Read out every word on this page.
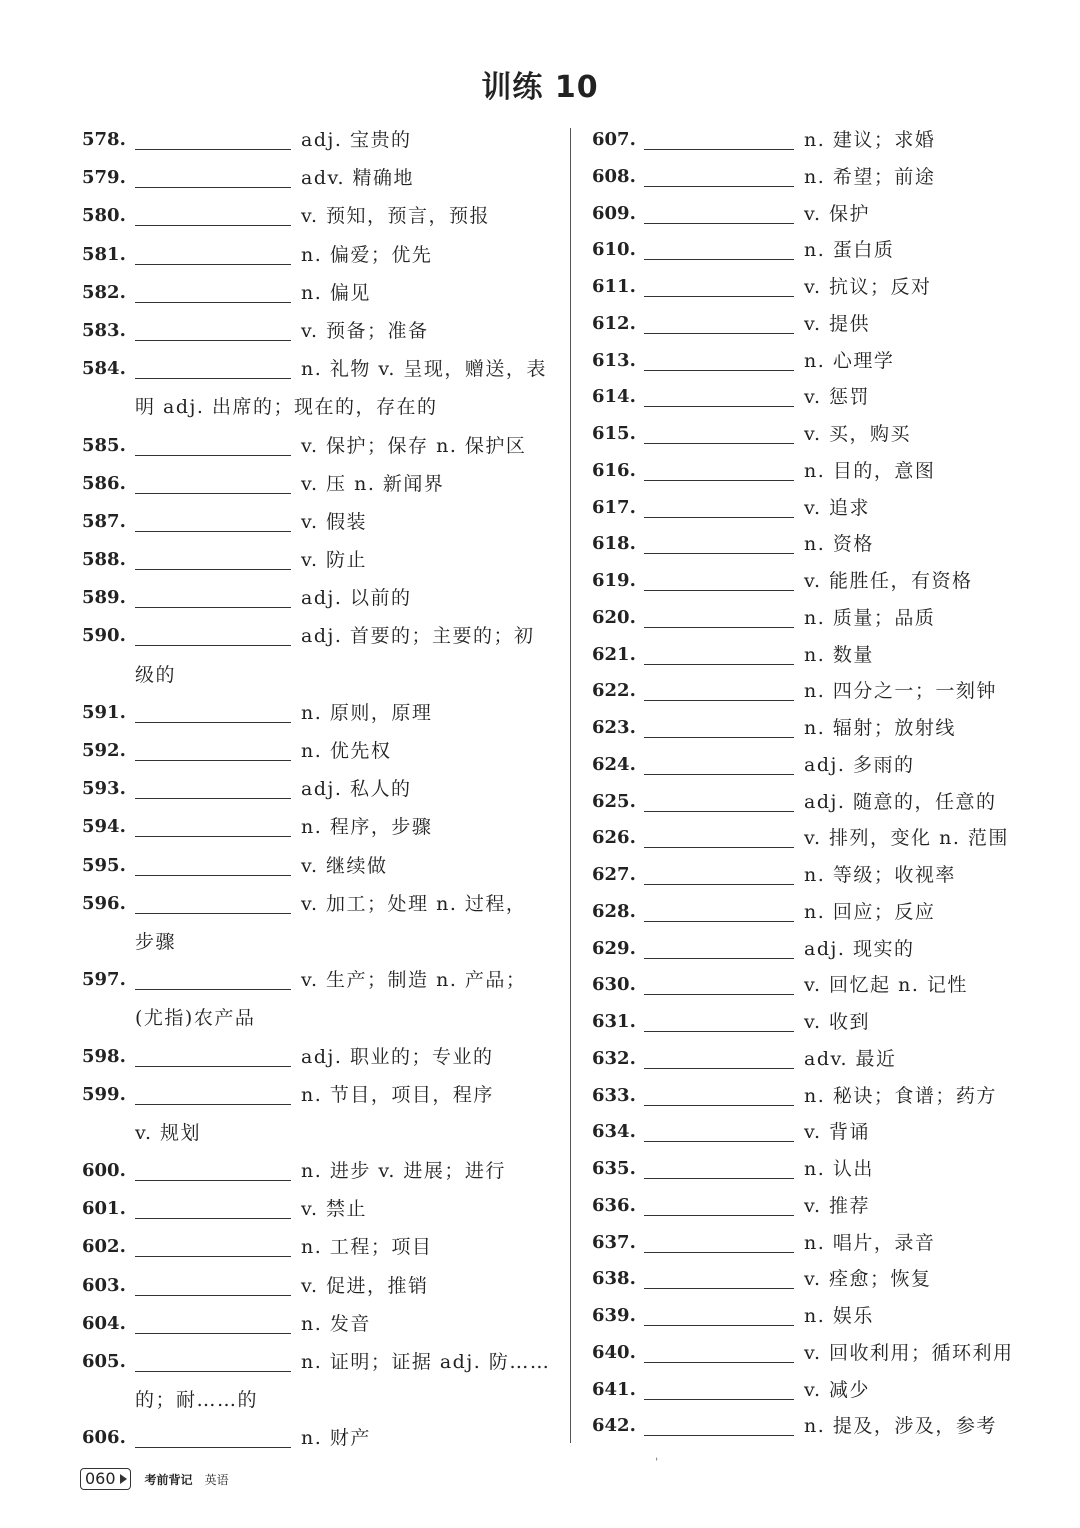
训练 10
578.	adj. 宝贵的
579.	adv. 精确地
580.	v. 预知，预言，预报
581.	n. 偏爱；优先
582.	n. 偏见
583.	v. 预备；准备
584.	n. 礼物 v. 呈现，赠送，表
明 adj. 出席的；现在的，存在的
585.	v. 保护；保存 n. 保护区
586.	v. 压 n. 新闻界
587.	v. 假装
588.	v. 防止
589.	adj. 以前的
590.	adj. 首要的；主要的；初
级的
591.	n. 原则，原理
592.	n. 优先权
593.	adj. 私人的
594.	n. 程序，步骤
595.	v. 继续做
596.	v. 加工；处理 n. 过程，
步骤
597.	v. 生产；制造 n. 产品；
(尤指)农产品
598.	adj. 职业的；专业的
599.	n. 节目，项目，程序
v. 规划
600.	n. 进步 v. 进展；进行
601.	v. 禁止
602.	n. 工程；项目
603.	v. 促进，推销
604.	n. 发音
605.	n. 证明；证据 adj. 防……
的；耐……的
606.	n. 财产
607.	n. 建议；求婚
608.	n. 希望；前途
609.	v. 保护
610.	n. 蛋白质
611.	v. 抗议；反对
612.	v. 提供
613.	n. 心理学
614.	v. 惩罚
615.	v. 买，购买
616.	n. 目的，意图
617.	v. 追求
618.	n. 资格
619.	v. 能胜任，有资格
620.	n. 质量；品质
621.	n. 数量
622.	n. 四分之一；一刻钟
623.	n. 辐射；放射线
624.	adj. 多雨的
625.	adj. 随意的，任意的
626.	v. 排列，变化 n. 范围
627.	n. 等级；收视率
628.	n. 回应；反应
629.	adj. 现实的
630.	v. 回忆起 n. 记性
631.	v. 收到
632.	adv. 最近
633.	n. 秘诀；食谱；药方
634.	v. 背诵
635.	n. 认出
636.	v. 推荐
637.	n. 唱片，录音
638.	v. 痊愈；恢复
639.	n. 娱乐
640.	v. 回收利用；循环利用
641.	v. 减少
642.	n. 提及，涉及，参考
ˌ
060	考前背记 英语
